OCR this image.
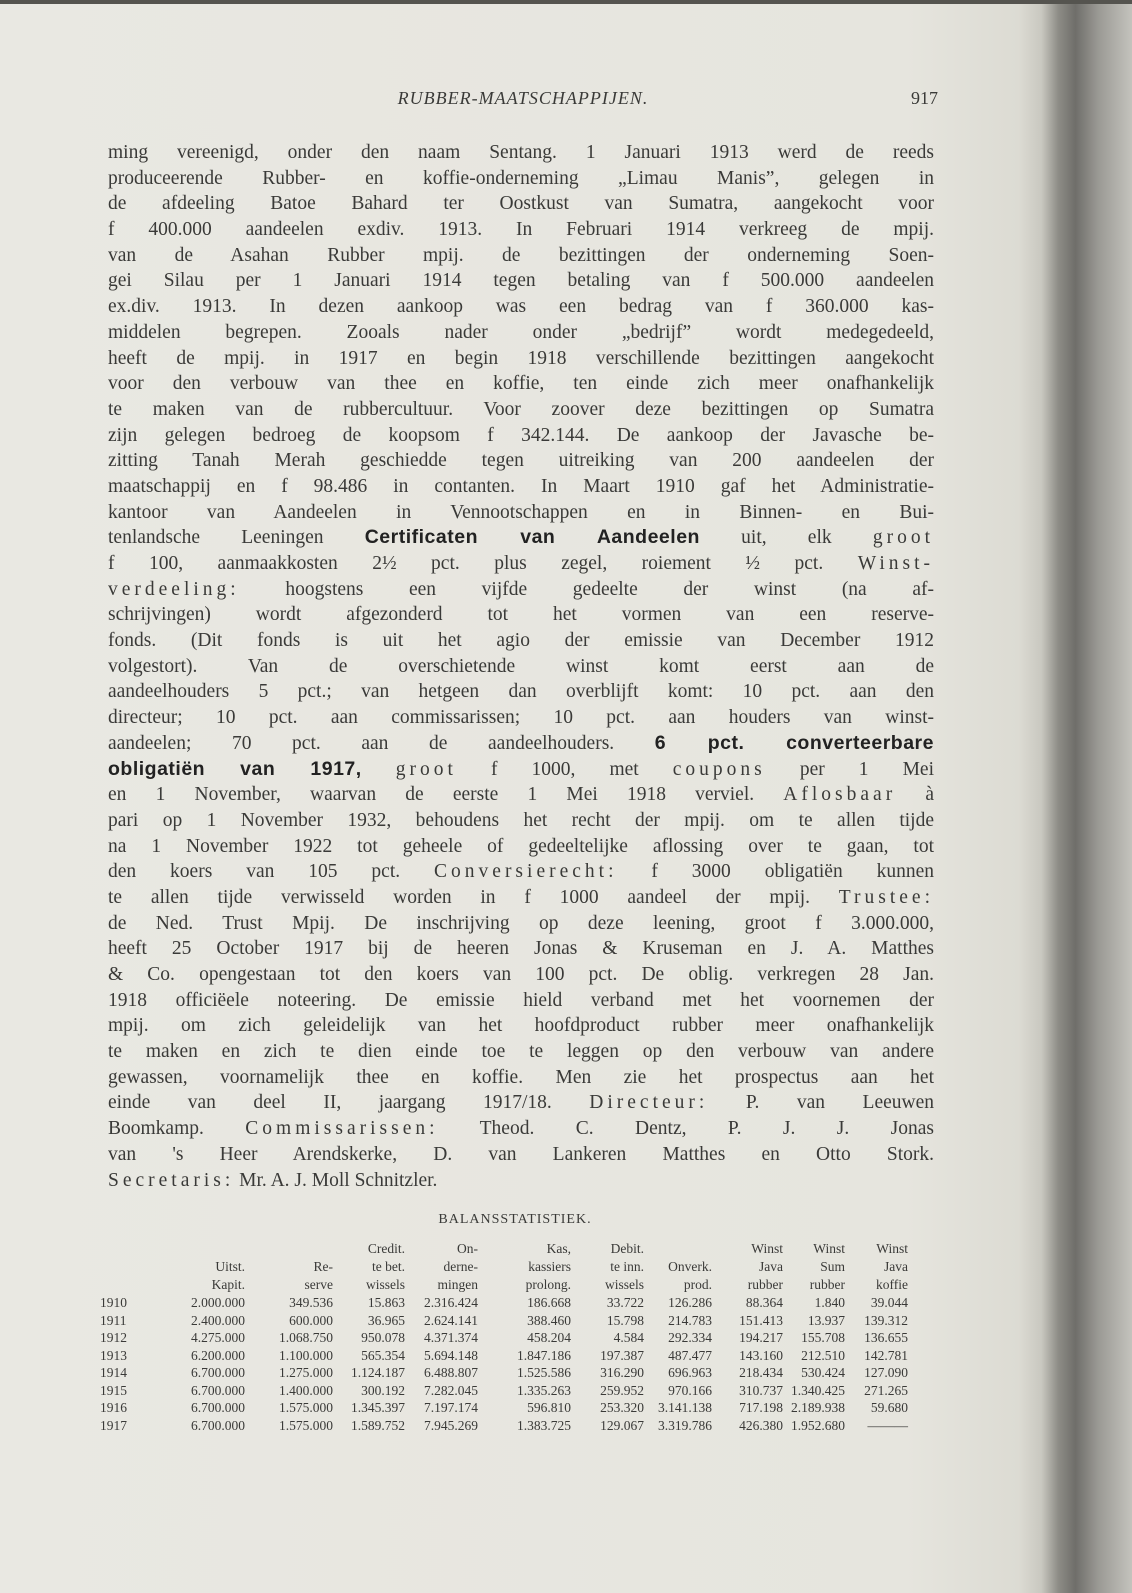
RUBBER-MAATSCHAPPIJEN.	917
ming vereenigd, onder den naam Sentang. 1 Januari 1913 werd de reeds
produceerende Rubber- en koffie-onderneming „Limau Manis”, gelegen in
de afdeeling Batoe Bahard ter Oostkust van Sumatra, aangekocht voor
f 400.000 aandeelen exdiv. 1913. In Februari 1914 verkreeg de mpij.
van de Asahan Rubber mpij. de bezittingen der onderneming Soen-
gei Silau per 1 Januari 1914 tegen betaling van f 500.000 aandeelen
ex.div. 1913. In dezen aankoop was een bedrag van f 360.000 kas-
middelen begrepen. Zooals nader onder „bedrijf” wordt medegedeeld,
heeft de mpij. in 1917 en begin 1918 verschillende bezittingen aangekocht
voor den verbouw van thee en koffie, ten einde zich meer onafhankelijk
te maken van de rubbercultuur. Voor zoover deze bezittingen op Sumatra
zijn gelegen bedroeg de koopsom f 342.144. De aankoop der Javasche be-
zitting Tanah Merah geschiedde tegen uitreiking van 200 aandeelen der
maatschappij en f 98.486 in contanten. In Maart 1910 gaf het Administratie-
kantoor van Aandeelen in Vennootschappen en in Binnen- en Bui-
tenlandsche Leeningen Certificaten van Aandeelen uit, elk groot
f 100, aanmaakkosten 2½ pct. plus zegel, roiement ½ pct. Winst-
verdeeling: hoogstens een vijfde gedeelte der winst (na af-
schrijvingen) wordt afgezonderd tot het vormen van een reserve-
fonds. (Dit fonds is uit het agio der emissie van December 1912
volgestort). Van de overschietende winst komt eerst aan de
aandeelhouders 5 pct.; van hetgeen dan overblijft komt: 10 pct. aan den
directeur; 10 pct. aan commissarissen; 10 pct. aan houders van winst-
aandeelen; 70 pct. aan de aandeelhouders. 6 pct. converteerbare
obligatiën van 1917, groot f 1000, met coupons per 1 Mei
en 1 November, waarvan de eerste 1 Mei 1918 verviel. Aflosbaar à
pari op 1 November 1932, behoudens het recht der mpij. om te allen tijde
na 1 November 1922 tot geheele of gedeeltelijke aflossing over te gaan, tot
den koers van 105 pct. Conversierecht: f 3000 obligatiën kunnen
te allen tijde verwisseld worden in f 1000 aandeel der mpij. Trustee:
de Ned. Trust Mpij. De inschrijving op deze leening, groot f 3.000.000,
heeft 25 October 1917 bij de heeren Jonas & Kruseman en J. A. Matthes
& Co. opengestaan tot den koers van 100 pct. De oblig. verkregen 28 Jan.
1918 officiëele noteering. De emissie hield verband met het voornemen der
mpij. om zich geleidelijk van het hoofdproduct rubber meer onafhankelijk
te maken en zich te dien einde toe te leggen op den verbouw van andere
gewassen, voornamelijk thee en koffie. Men zie het prospectus aan het
einde van deel II, jaargang 1917/18. Directeur: P. van Leeuwen
Boomkamp. Commissarissen: Theod. C. Dentz, P. J. J. Jonas
van 's Heer Arendskerke, D. van Lankeren Matthes en Otto Stork.
Secretaris: Mr. A. J. Moll Schnitzler.
BALANSSTATISTIEK.
			Credit.	On-	Kas,	Debit.		Winst	Winst	Winst
	Uitst.	Re-	te bet.	derne-	kassiers	te inn.	Onverk.	Java	Sum	Java
	Kapit.	serve	wissels	mingen	prolong.	wissels	prod.	rubber	rubber	koffie
1910	2.000.000	349.536	15.863	2.316.424	186.668	33.722	126.286	88.364	1.840	39.044
1911	2.400.000	600.000	36.965	2.624.141	388.460	15.798	214.783	151.413	13.937	139.312
1912	4.275.000	1.068.750	950.078	4.371.374	458.204	4.584	292.334	194.217	155.708	136.655
1913	6.200.000	1.100.000	565.354	5.694.148	1.847.186	197.387	487.477	143.160	212.510	142.781
1914	6.700.000	1.275.000	1.124.187	6.488.807	1.525.586	316.290	696.963	218.434	530.424	127.090
1915	6.700.000	1.400.000	300.192	7.282.045	1.335.263	259.952	970.166	310.737	1.340.425	271.265
1916	6.700.000	1.575.000	1.345.397	7.197.174	596.810	253.320	3.141.138	717.198	2.189.938	59.680
1917	6.700.000	1.575.000	1.589.752	7.945.269	1.383.725	129.067	3.319.786	426.380	1.952.680	———
